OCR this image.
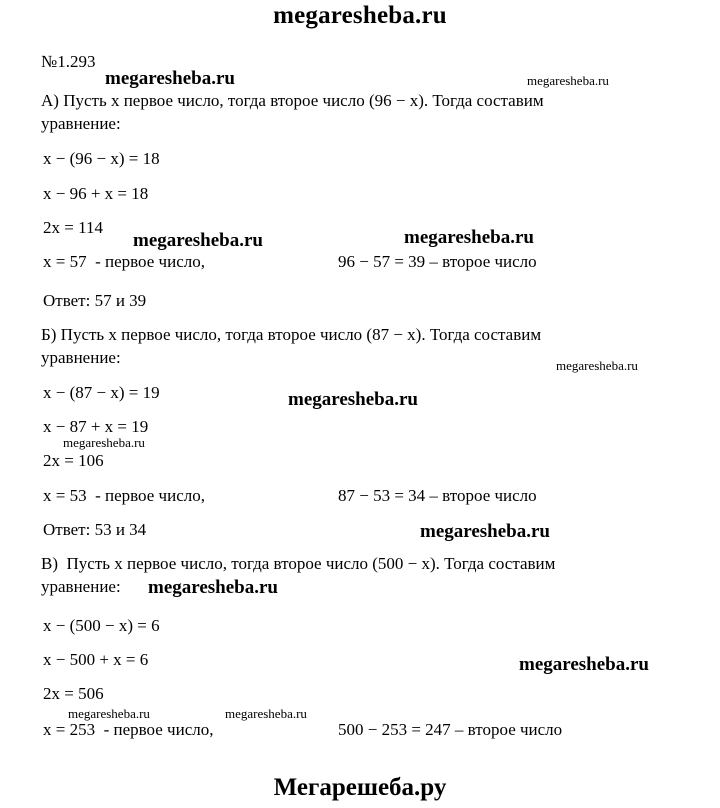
megaresheba.ru
№1.293
А) Пусть x первое число, тогда второе число (96 − x). Тогда составим
уравнение:
x − (96 − x) = 18
x − 96 + x = 18
2x = 114
x = 57  - первое число,	96 − 57 = 39 – второе число
Ответ: 57 и 39
Б) Пусть x первое число, тогда второе число (87 − x). Тогда составим
уравнение:
x − (87 − x) = 19
x − 87 + x = 19
2x = 106
x = 53  - первое число,	87 − 53 = 34 – второе число
Ответ: 53 и 34
В)  Пусть x первое число, тогда второе число (500 − x). Тогда составим
уравнение:
x − (500 − x) = 6
x − 500 + x = 6
2x = 506
x = 253  - первое число,	500 − 253 = 247 – второе число
Мегарешеба.ру
megaresheba.ru	megaresheba.ru
megaresheba.ru	megaresheba.ru
megaresheba.ru
megaresheba.ru
megaresheba.ru
megaresheba.ru
megaresheba.ru
megaresheba.ru
megaresheba.ru	megaresheba.ru
